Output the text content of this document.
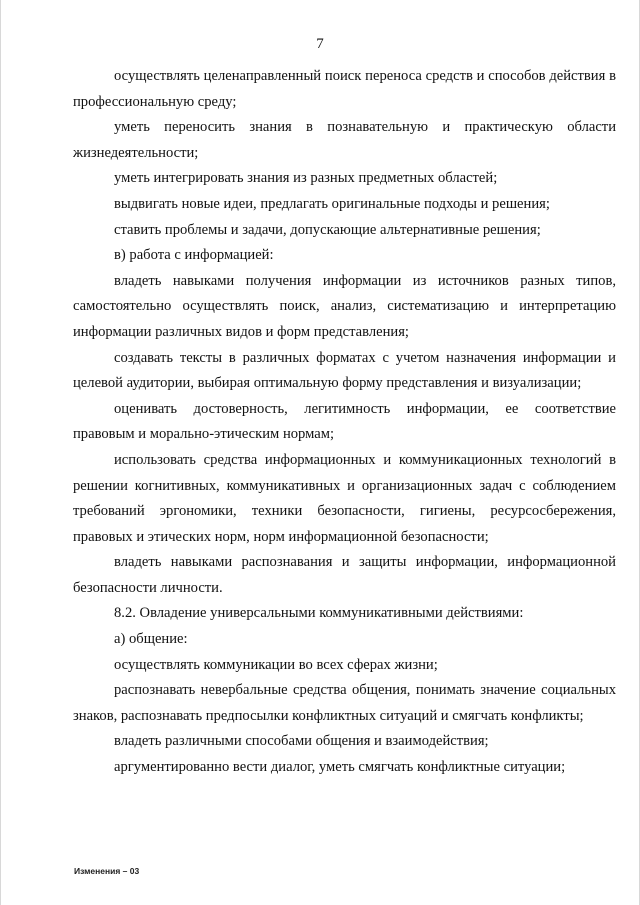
7

осуществлять целенаправленный поиск переноса средств и способов действия в профессиональную среду;

уметь переносить знания в познавательную и практическую области жизнедеятельности;

уметь интегрировать знания из разных предметных областей;

выдвигать новые идеи, предлагать оригинальные подходы и решения;

ставить проблемы и задачи, допускающие альтернативные решения;

в) работа с информацией:

владеть навыками получения информации из источников разных типов, самостоятельно осуществлять поиск, анализ, систематизацию и интерпретацию информации различных видов и форм представления;

создавать тексты в различных форматах с учетом назначения информации и целевой аудитории, выбирая оптимальную форму представления и визуализации;

оценивать достоверность, легитимность информации, ее соответствие правовым и морально-этическим нормам;

использовать средства информационных и коммуникационных технологий в решении когнитивных, коммуникативных и организационных задач с соблюдением требований эргономики, техники безопасности, гигиены, ресурсосбережения, правовых и этических норм, норм информационной безопасности;

владеть навыками распознавания и защиты информации, информационной безопасности личности.

8.2. Овладение универсальными коммуникативными действиями:

а) общение:

осуществлять коммуникации во всех сферах жизни;

распознавать невербальные средства общения, понимать значение социальных знаков, распознавать предпосылки конфликтных ситуаций и смягчать конфликты;

владеть различными способами общения и взаимодействия;

аргументированно вести диалог, уметь смягчать конфликтные ситуации;

Изменения – 03
